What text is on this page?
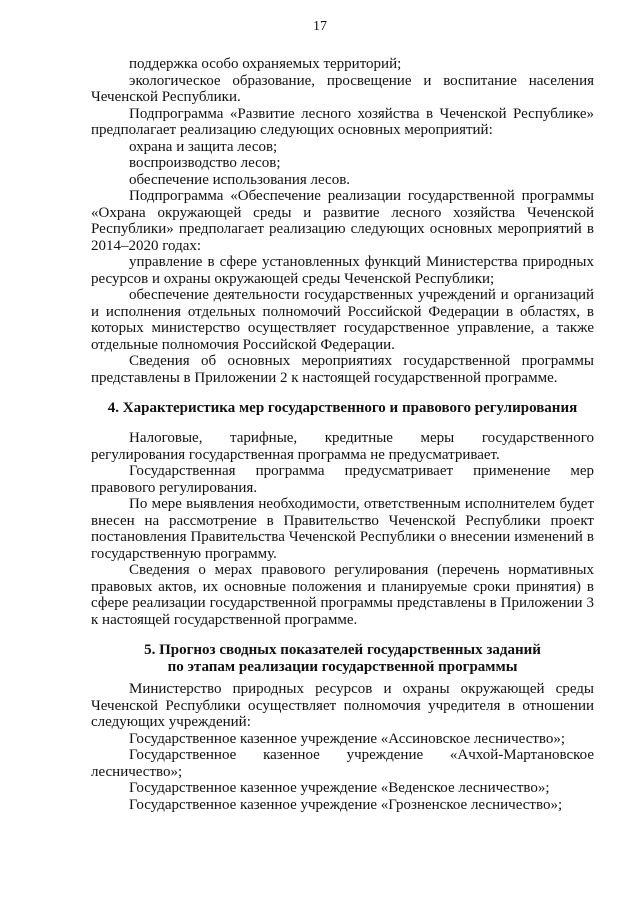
17

поддержка особо охраняемых территорий;

экологическое образование, просвещение и воспитание населения Чеченской Республики.

Подпрограмма «Развитие лесного хозяйства в Чеченской Республике» предполагает реализацию следующих основных мероприятий:

охрана и защита лесов;

воспроизводство лесов;

обеспечение использования лесов.

Подпрограмма «Обеспечение реализации государственной программы «Охрана окружающей среды и развитие лесного хозяйства Чеченской Республики» предполагает реализацию следующих основных мероприятий в 2014–2020 годах:

управление в сфере установленных функций Министерства природных ресурсов и охраны окружающей среды Чеченской Республики;

обеспечение деятельности государственных учреждений и организаций и исполнения отдельных полномочий Российской Федерации в областях, в которых министерство осуществляет государственное управление, а также отдельные полномочия Российской Федерации.

Сведения об основных мероприятиях государственной программы представлены в Приложении 2 к настоящей государственной программе.

4. Характеристика мер государственного и правового регулирования

Налоговые, тарифные, кредитные меры государственного регулирования государственная программа не предусматривает.

Государственная программа предусматривает применение мер правового регулирования.

По мере выявления необходимости, ответственным исполнителем будет внесен на рассмотрение в Правительство Чеченской Республики проект постановления Правительства Чеченской Республики о внесении изменений в государственную программу.

Сведения о мерах правового регулирования (перечень нормативных правовых актов, их основные положения и планируемые сроки принятия) в сфере реализации государственной программы представлены в Приложении 3 к настоящей государственной программе.

5. Прогноз сводных показателей государственных заданий
по этапам реализации государственной программы

Министерство природных ресурсов и охраны окружающей среды Чеченской Республики осуществляет полномочия учредителя в отношении следующих учреждений:

Государственное казенное учреждение «Ассиновское лесничество»;

Государственное казенное учреждение «Ачхой-Мартановское лесничество»;

Государственное казенное учреждение «Веденское лесничество»;

Государственное казенное учреждение «Грозненское лесничество»;
